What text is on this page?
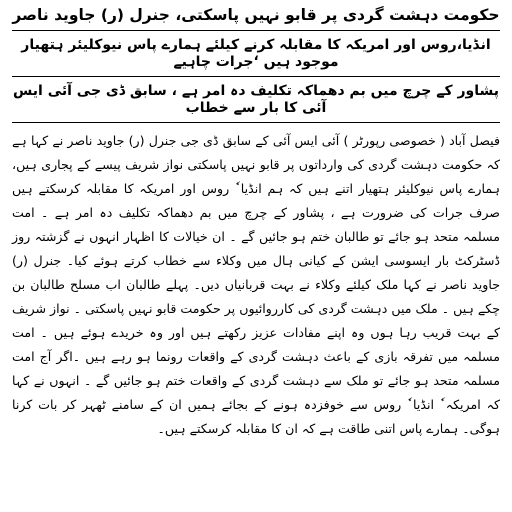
حکومت دہشت گردی پر قابو نہیں پاسکتی، جنرل (ر) جاوید ناصر

انڈیا،روس اور امریکہ کا مقابلہ کرنے کیلئے ہمارے پاس نیوکلیئر ہتھیار موجود ہیں ‘جرات چاہیے

پشاور کے چرچ میں بم دھماکہ تکلیف دہ امر ہے ، سابق ڈی جی آئی ایس آئی کا بار سے خطاب

فیصل آباد ( خصوصی رپورٹر ) آئی ایس آئی کے سابق ڈی جی جنرل (ر) جاوید ناصر نے کہا ہے کہ حکومت دہشت گردی کی وارداتوں پر قابو نہیں پاسکتی نواز شریف پیسے کے پجاری ہیں، ہمارے پاس نیوکلیئر ہتھیار اتنے ہیں کہ ہم انڈیا ٗ روس اور امریکہ کا مقابلہ کرسکتے ہیں صرف جرات کی ضرورت ہے ، پشاور کے چرچ میں بم دھماکہ تکلیف دہ امر ہے ۔ امت مسلمہ متحد ہو جائے تو طالبان ختم ہو جائیں گے ۔ ان خیالات کا اظہار انہوں نے گزشتہ روز ڈسٹرکٹ بار ایسوسی ایشن کے کیانی ہال میں وکلاء سے خطاب کرتے ہوئے کیا۔ جنرل (ر) جاوید ناصر نے کہا ملک کیلئے وکلاء نے بہت قربانیاں دیں۔ پہلے طالبان اب مسلح طالبان بن چکے ہیں ۔ ملک میں دہشت گردی کی کارروائیوں پر حکومت قابو نہیں پاسکتی ۔ نواز شریف کے بہت قریب رہا ہوں وہ اپنے مفادات عزیز رکھتے ہیں اور وہ خریدے ہوئے ہیں ۔ امت مسلمہ میں تفرقہ بازی کے باعث دہشت گردی کے واقعات رونما ہو رہے ہیں ۔اگر آج امت مسلمہ متحد ہو جائے تو ملک سے دہشت گردی کے واقعات ختم ہو جائیں گے ۔ انہوں نے کہا کہ امریکہ ٗ انڈیا ٗ روس سے خوفزدہ ہونے کے بجائے ہمیں ان کے سامنے ٹھہر کر بات کرنا ہوگی۔ ہمارے پاس اتنی طاقت ہے کہ ان کا مقابلہ کرسکتے ہیں۔
